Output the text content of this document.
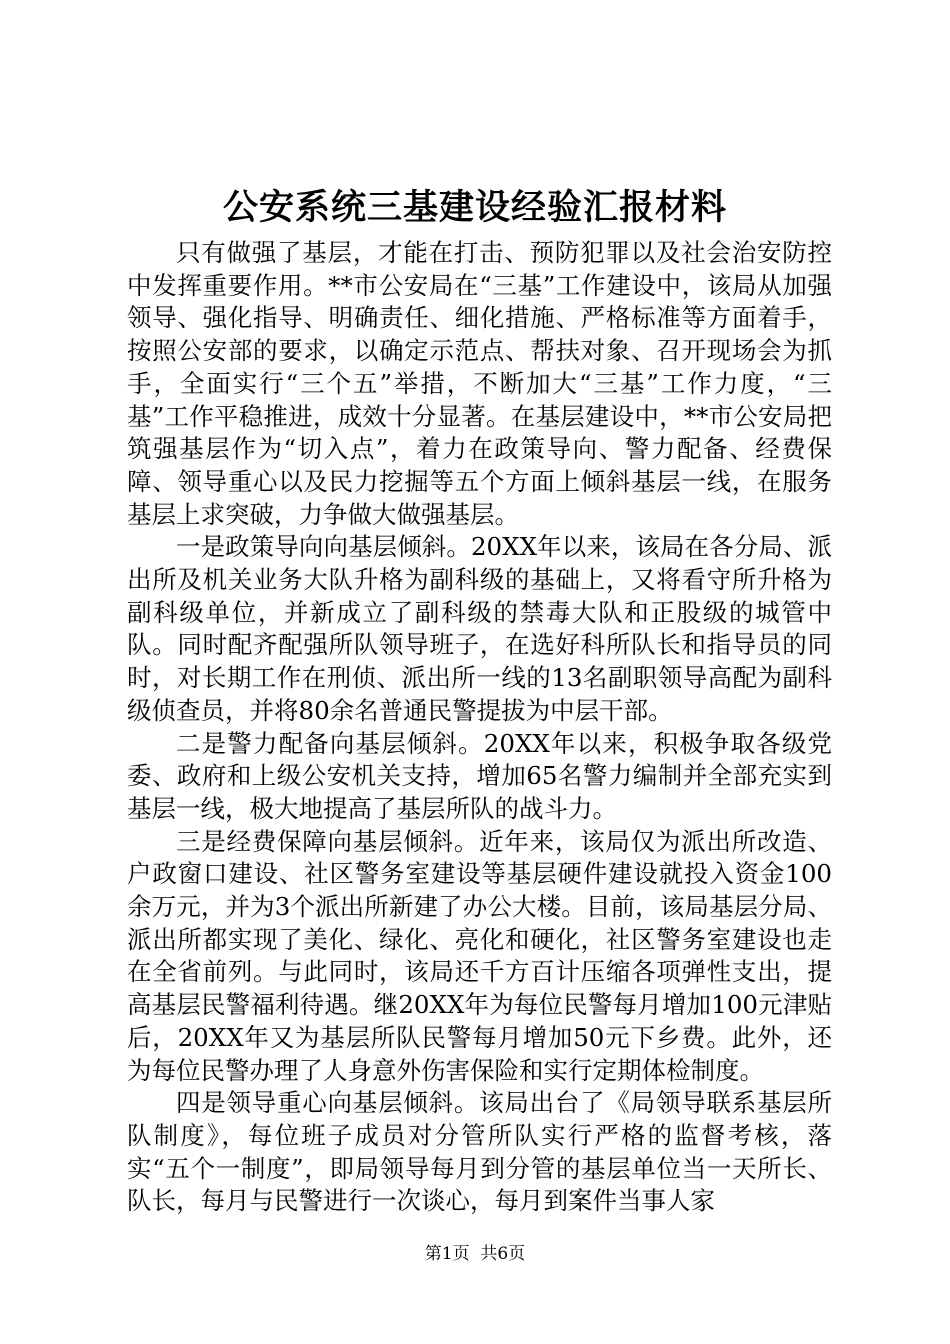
公安系统三基建设经验汇报材料

只有做强了基层，才能在打击、预防犯罪以及社会治安防控中发挥重要作用。**市公安局在“三基”工作建设中，该局从加强领导、强化指导、明确责任、细化措施、严格标准等方面着手，按照公安部的要求，以确定示范点、帮扶对象、召开现场会为抓手，全面实行“三个五”举措，不断加大“三基”工作力度，“三基”工作平稳推进，成效十分显著。在基层建设中，**市公安局把筑强基层作为“切入点”，着力在政策导向、警力配备、经费保障、领导重心以及民力挖掘等五个方面上倾斜基层一线，在服务基层上求突破，力争做大做强基层。

一是政策导向向基层倾斜。20XX年以来，该局在各分局、派出所及机关业务大队升格为副科级的基础上，又将看守所升格为副科级单位，并新成立了副科级的禁毒大队和正股级的城管中队。同时配齐配强所队领导班子，在选好科所队长和指导员的同时，对长期工作在刑侦、派出所一线的13名副职领导高配为副科级侦查员，并将80余名普通民警提拔为中层干部。

二是警力配备向基层倾斜。20XX年以来，积极争取各级党委、政府和上级公安机关支持，增加65名警力编制并全部充实到基层一线，极大地提高了基层所队的战斗力。

三是经费保障向基层倾斜。近年来，该局仅为派出所改造、户政窗口建设、社区警务室建设等基层硬件建设就投入资金100余万元，并为3个派出所新建了办公大楼。目前，该局基层分局、派出所都实现了美化、绿化、亮化和硬化，社区警务室建设也走在全省前列。与此同时，该局还千方百计压缩各项弹性支出，提高基层民警福利待遇。继20XX年为每位民警每月增加100元津贴后，20XX年又为基层所队民警每月增加50元下乡费。此外，还为每位民警办理了人身意外伤害保险和实行定期体检制度。

四是领导重心向基层倾斜。该局出台了《局领导联系基层所队制度》，每位班子成员对分管所队实行严格的监督考核，落实“五个一制度”，即局领导每月到分管的基层单位当一天所长、队长，每月与民警进行一次谈心，每月到案件当事人家

第1页 共6页
